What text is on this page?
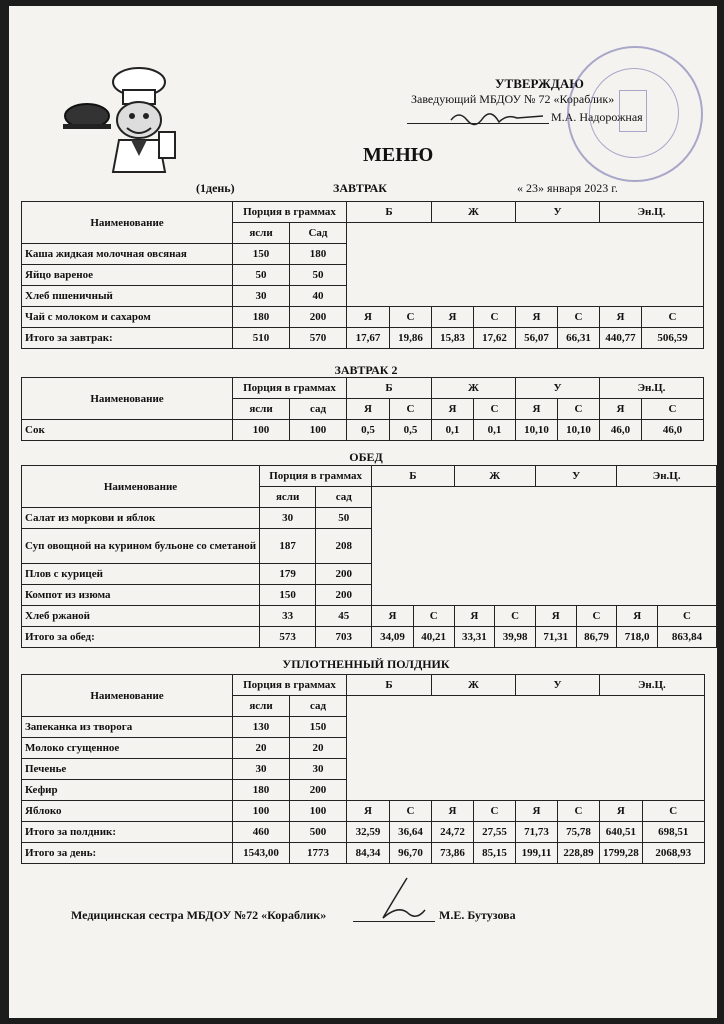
УТВЕРЖДАЮ
Заведующий МБДОУ № 72 «Кораблик»
М.А. Надорожная
МЕНЮ
(1день)	ЗАВТРАК	« 23» января 2023 г.
Наименование	Порция в граммах		Б		Ж		У		Эн.Ц.	
	ясли	Сад								
Каша жидкая молочная овсяная	150	180								
Яйцо вареное	50	50								
Хлеб пшеничный	30	40								
Чай с молоком и сахаром	180	200	Я	С	Я	С	Я	С	Я	С
Итого за завтрак:	510	570	17,67	19,86	15,83	17,62	56,07	66,31	440,77	506,59
ЗАВТРАК 2
Наименование	Порция в граммах		Б		Ж		У		Эн.Ц.	
	ясли	сад	Я	С	Я	С	Я	С	Я	С
Сок	100	100	0,5	0,5	0,1	0,1	10,10	10,10	46,0	46,0
ОБЕД
Наименование	Порция в граммах		Б		Ж		У		Эн.Ц.	
	ясли	сад								
Салат из моркови и яблок	30	50								
Суп овощной на курином бульоне со сметаной	187	208								
Плов с курицей	179	200								
Компот из изюма	150	200								
Хлеб ржаной	33	45	Я	С	Я	С	Я	С	Я	С
Итого за обед:	573	703	34,09	40,21	33,31	39,98	71,31	86,79	718,0	863,84
УПЛОТНЕННЫЙ ПОЛДНИК
Наименование	Порция в граммах		Б		Ж		У		Эн.Ц.	
	ясли	сад								
Запеканка из творога	130	150								
Молоко сгущенное	20	20								
Печенье	30	30								
Кефир	180	200								
Яблоко	100	100	Я	С	Я	С	Я	С	Я	С
Итого за полдник:	460	500	32,59	36,64	24,72	27,55	71,73	75,78	640,51	698,51
Итого за день:	1543,00	1773	84,34	96,70	73,86	85,15	199,11	228,89	1799,28	2068,93
Медицинская сестра МБДОУ №72 «Кораблик»	М.Е. Бутузова
